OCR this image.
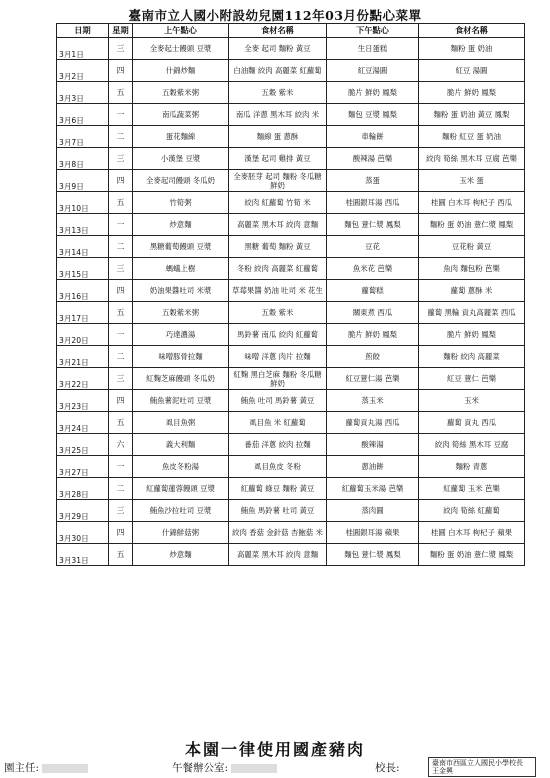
臺南市立人國小附設幼兒園112年03月份點心菜單
日期	星期	上午點心	食材名稱	下午點心	食材名稱
3月1日	三	全麥起士饅頭 豆漿	全麥 起司 麵粉 黃豆	生日蛋糕	麵粉 蛋 奶油
3月2日	四	什錦炒麵	白油麵 絞肉 高麗菜 紅蘿蔔	紅豆湯圓	紅豆 湯圓
3月3日	五	五穀紫米粥	五穀 紫米	脆片 鮮奶 鳳梨	脆片 鮮奶 鳳梨
3月6日	一	南瓜蔬菜粥	南瓜 洋蔥 黑木耳 絞肉 米	麵包 豆漿 鳳梨	麵粉 蛋 奶油 黃豆 鳳梨
3月7日	二	蛋花麵線	麵線 蛋 蔥酥	車輪餅	麵粉 紅豆 蛋 奶油
3月8日	三	小漢堡 豆漿	漢堡 起司 雞排 黃豆	酸辣湯 芭樂	絞肉 筍絲 黑木耳 豆腐 芭樂
3月9日	四	全麥起司饅頭 冬瓜奶	全麥胚芽 起司 麵粉 冬瓜糖 鮮奶	蒸蛋	玉米 蛋
3月10日	五	竹筍粥	絞肉 紅蘿蔔 竹筍 米	桂圓銀耳湯 西瓜	桂圓 白木耳 枸杞子 西瓜
3月13日	一	炒意麵	高麗菜 黑木耳 絞肉 意麵	麵包 薏仁漿 鳳梨	麵粉 蛋 奶油 薏仁漿 鳳梨
3月14日	二	黑糖葡萄饅頭 豆漿	黑糖 葡萄 麵粉 黃豆	豆花	豆花粉 黃豆
3月15日	三	螞蟻上樹	冬粉 絞肉 高麗菜 紅蘿蔔	魚米花 芭樂	魚肉 麵包粉 芭樂
3月16日	四	奶油果醬吐司 米漿	草莓果醬 奶油 吐司 米 花生	蘿蔔糕	蘿蔔 蔥酥 米
3月17日	五	五穀紫米粥	五穀 紫米	關東煮 西瓜	蘿蔔 黑輪 貢丸高麗菜 西瓜
3月20日	一	巧達濃湯	馬鈴薯 南瓜 絞肉 紅蘿蔔	脆片 鮮奶 鳳梨	脆片 鮮奶 鳳梨
3月21日	二	味噌豚骨拉麵	味噌 洋蔥 肉片 拉麵	煎餃	麵粉 絞肉 高麗菜
3月22日	三	紅麴芝麻饅頭 冬瓜奶	紅麴 黑白芝麻 麵粉 冬瓜糖 鮮奶	紅豆薏仁湯 芭樂	紅豆 薏仁 芭樂
3月23日	四	鮪魚薯泥吐司 豆漿	鮪魚 吐司 馬鈴薯 黃豆	蒸玉米	玉米
3月24日	五	虱目魚粥	虱目魚 米 紅蘿蔔	蘿蔔貢丸湯 西瓜	蘿蔔 貢丸 西瓜
3月25日	六	義大利麵	番茄 洋蔥 絞肉 拉麵	酸辣湯	絞肉 筍絲 黑木耳 豆腐
3月27日	一	魚皮冬粉湯	虱目魚皮 冬粉	蔥油餅	麵粉 青蔥
3月28日	二	紅蘿蔔蓮蓉饅頭 豆漿	紅蘿蔔 綠豆 麵粉 黃豆	紅蘿蔔玉米湯 芭樂	紅蘿蔔 玉米 芭樂
3月29日	三	鮪魚沙拉吐司 豆漿	鮪魚 馬鈴薯 吐司 黃豆	蒸肉圓	絞肉 筍絲 紅蘿蔔
3月30日	四	什錦鮮菇粥	絞肉 香菇 金針菇 杏鮑菇 米	桂圓銀耳湯 蘋果	桂圓 白木耳 枸杞子 蘋果
3月31日	五	炒意麵	高麗菜 黑木耳 絞肉 意麵	麵包 薏仁漿 鳳梨	麵粉 蛋 奶油 薏仁漿 鳳梨
本園一律使用國產豬肉
園主任:	午餐辦公室:	校長:	臺南市西區立人國民小學校長 王金興
